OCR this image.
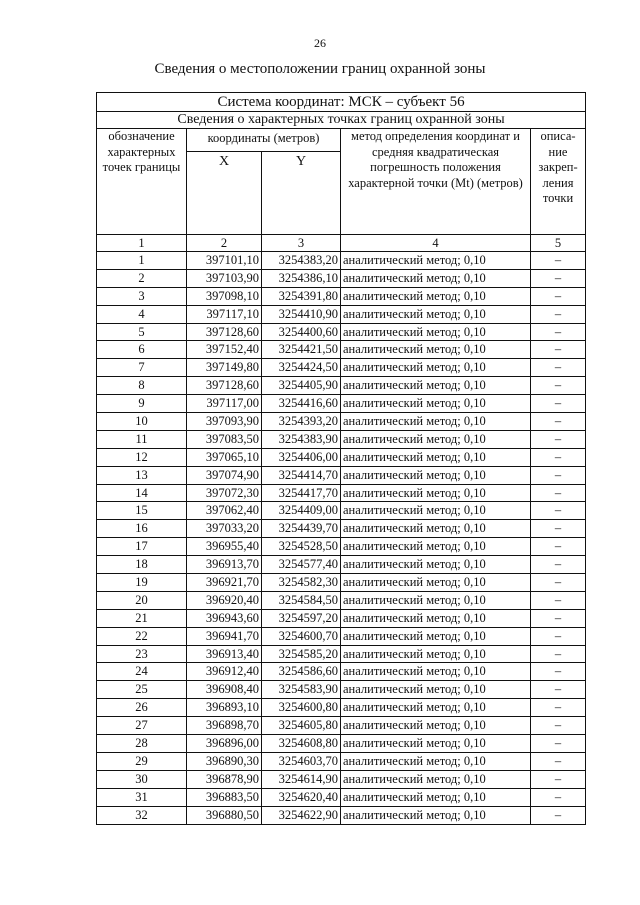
26
Сведения о местоположении границ охранной зоны
Система координат: МСК – субъект 56				
Сведения о характерных точках границ охранной зоны				
обозначение характерных точек границы	координаты (метров)		метод определения координат и средняя квадратическая погрешность положения характерной точки (Mt) (метров)	описа-ние закреп-ления точки
	X	Y		
1	2	3	4	5
1	397101,10	3254383,20	аналитический метод; 0,10	–
2	397103,90	3254386,10	аналитический метод; 0,10	–
3	397098,10	3254391,80	аналитический метод; 0,10	–
4	397117,10	3254410,90	аналитический метод; 0,10	–
5	397128,60	3254400,60	аналитический метод; 0,10	–
6	397152,40	3254421,50	аналитический метод; 0,10	–
7	397149,80	3254424,50	аналитический метод; 0,10	–
8	397128,60	3254405,90	аналитический метод; 0,10	–
9	397117,00	3254416,60	аналитический метод; 0,10	–
10	397093,90	3254393,20	аналитический метод; 0,10	–
11	397083,50	3254383,90	аналитический метод; 0,10	–
12	397065,10	3254406,00	аналитический метод; 0,10	–
13	397074,90	3254414,70	аналитический метод; 0,10	–
14	397072,30	3254417,70	аналитический метод; 0,10	–
15	397062,40	3254409,00	аналитический метод; 0,10	–
16	397033,20	3254439,70	аналитический метод; 0,10	–
17	396955,40	3254528,50	аналитический метод; 0,10	–
18	396913,70	3254577,40	аналитический метод; 0,10	–
19	396921,70	3254582,30	аналитический метод; 0,10	–
20	396920,40	3254584,50	аналитический метод; 0,10	–
21	396943,60	3254597,20	аналитический метод; 0,10	–
22	396941,70	3254600,70	аналитический метод; 0,10	–
23	396913,40	3254585,20	аналитический метод; 0,10	–
24	396912,40	3254586,60	аналитический метод; 0,10	–
25	396908,40	3254583,90	аналитический метод; 0,10	–
26	396893,10	3254600,80	аналитический метод; 0,10	–
27	396898,70	3254605,80	аналитический метод; 0,10	–
28	396896,00	3254608,80	аналитический метод; 0,10	–
29	396890,30	3254603,70	аналитический метод; 0,10	–
30	396878,90	3254614,90	аналитический метод; 0,10	–
31	396883,50	3254620,40	аналитический метод; 0,10	–
32	396880,50	3254622,90	аналитический метод; 0,10	–
